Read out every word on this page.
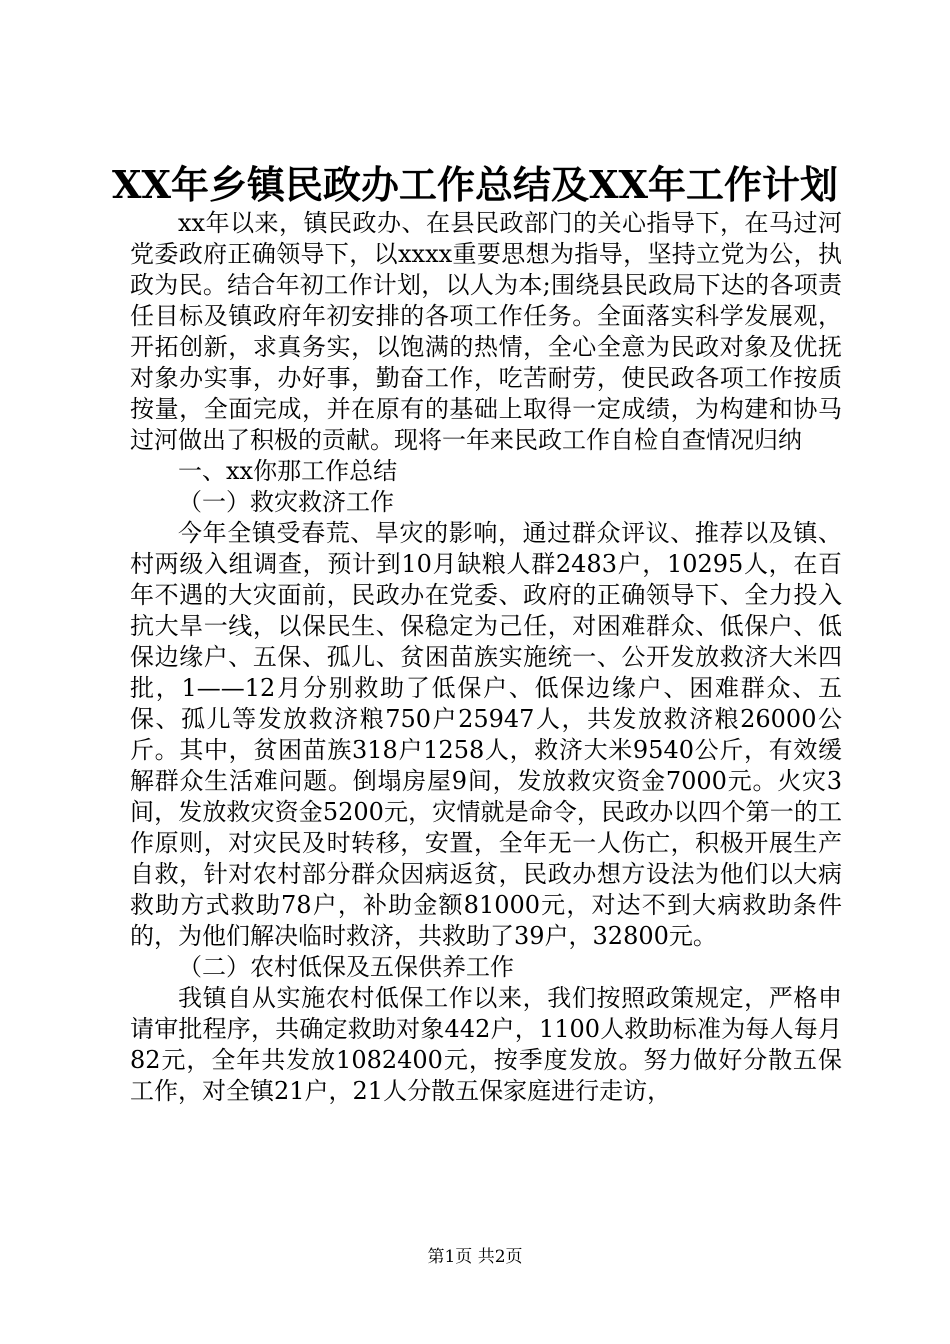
XX年乡镇民政办工作总结及XX年工作计划

xx年以来，镇民政办、在县民政部门的关心指导下，在马过河党委政府正确领导下，以xxxx重要思想为指导，坚持立党为公，执政为民。结合年初工作计划，以人为本;围绕县民政局下达的各项责任目标及镇政府年初安排的各项工作任务。全面落实科学发展观，开拓创新，求真务实，以饱满的热情，全心全意为民政对象及优抚对象办实事，办好事，勤奋工作，吃苦耐劳，使民政各项工作按质按量，全面完成，并在原有的基础上取得一定成绩，为构建和协马过河做出了积极的贡献。现将一年来民政工作自检自查情况归纳

一、xx你那工作总结

（一）救灾救济工作

今年全镇受春荒、旱灾的影响，通过群众评议、推荐以及镇、村两级入组调查，预计到10月缺粮人群2483户，10295人，在百年不遇的大灾面前，民政办在党委、政府的正确领导下、全力投入抗大旱一线，以保民生、保稳定为己任，对困难群众、低保户、低保边缘户、五保、孤儿、贫困苗族实施统一、公开发放救济大米四批，1——12月分别救助了低保户、低保边缘户、困难群众、五保、孤儿等发放救济粮750户25947人，共发放救济粮26000公斤。其中，贫困苗族318户1258人，救济大米9540公斤，有效缓解群众生活难问题。倒塌房屋9间，发放救灾资金7000元。火灾3间，发放救灾资金5200元，灾情就是命令，民政办以四个第一的工作原则，对灾民及时转移，安置，全年无一人伤亡，积极开展生产自救，针对农村部分群众因病返贫，民政办想方设法为他们以大病救助方式救助78户，补助金额81000元，对达不到大病救助条件的，为他们解决临时救济，共救助了39户，32800元。

（二）农村低保及五保供养工作

我镇自从实施农村低保工作以来，我们按照政策规定，严格申请审批程序，共确定救助对象442户，1100人救助标准为每人每月82元，全年共发放1082400元，按季度发放。努力做好分散五保工作，对全镇21户，21人分散五保家庭进行走访，

第1页 共2页
